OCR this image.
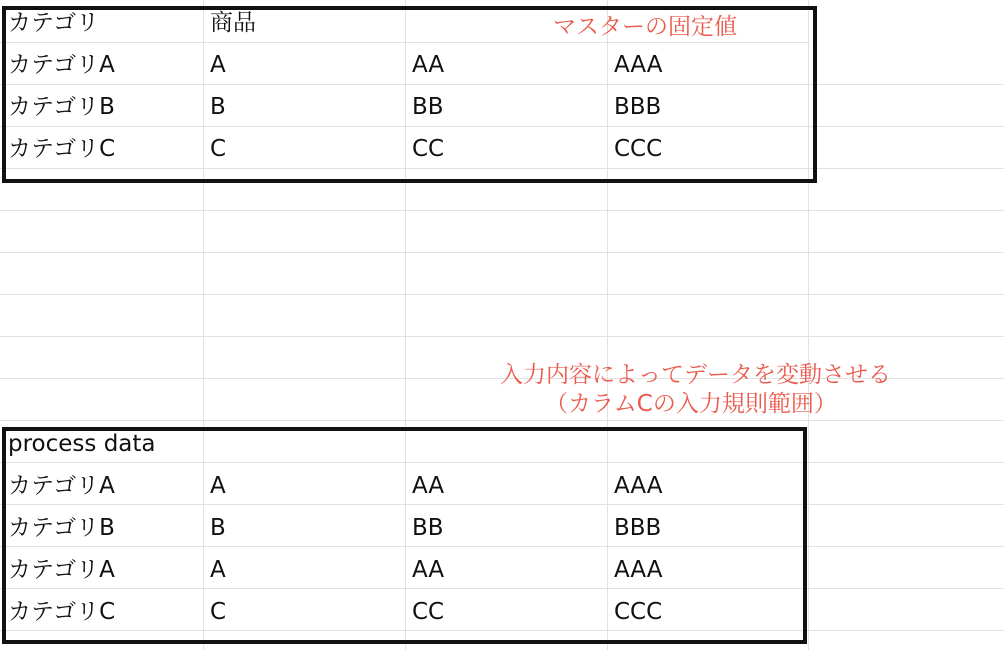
カテゴリ	商品
カテゴリA	A	AA	AAA
カテゴリB	B	BB	BBB
カテゴリC	C	CC	CCC
マスターの固定値
入力内容によってデータを変動させる
（カラムCの入力規則範囲）
process data
カテゴリA	A	AA	AAA
カテゴリB	B	BB	BBB
カテゴリA	A	AA	AAA
カテゴリC	C	CC	CCC
